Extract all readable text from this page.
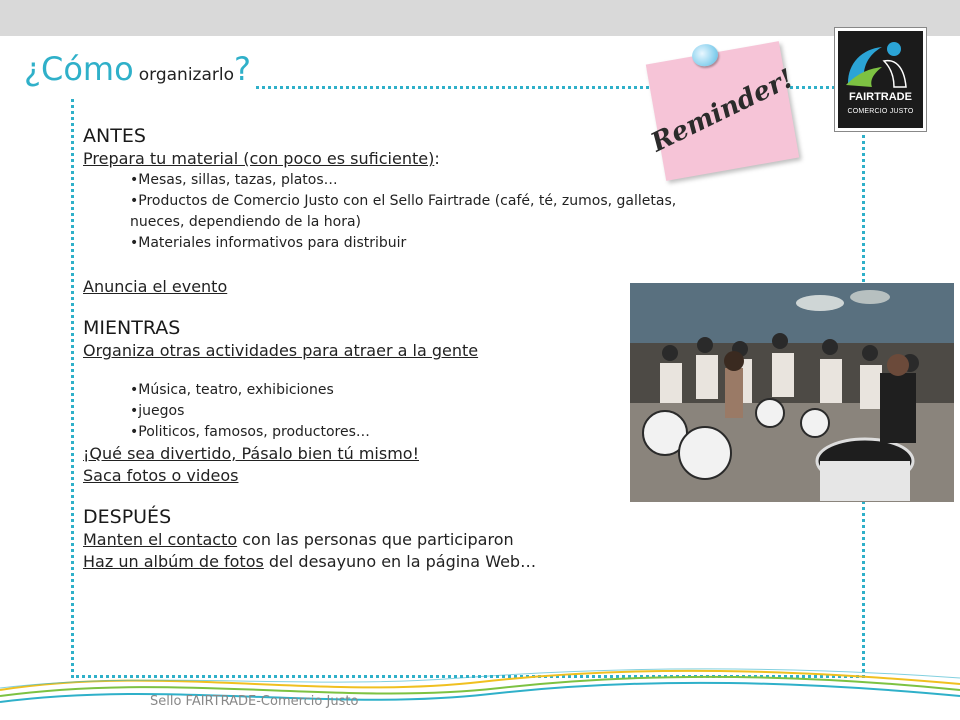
¿Cómo organizarlo?	Reminder!	FAIRTRADE
COMERCIO JUSTO
ANTES
Prepara tu material (con poco es suficiente):
•Mesas, sillas, tazas, platos…
•Productos de Comercio Justo con el Sello Fairtrade (café, té, zumos, galletas,
nueces, dependiendo de la hora)
•Materiales informativos para distribuir
Anuncia el evento
MIENTRAS
Organiza otras actividades para atraer a la gente
•Música, teatro, exhibiciones
•juegos
•Politicos, famosos, productores…
¡Qué sea divertido, Pásalo bien tú mismo!
Saca fotos o videos
DESPUÉS
Manten el contacto con las personas que participaron
Haz un albúm de fotos del desayuno en la página Web…
Sello FAIRTRADE-Comercio Justo
